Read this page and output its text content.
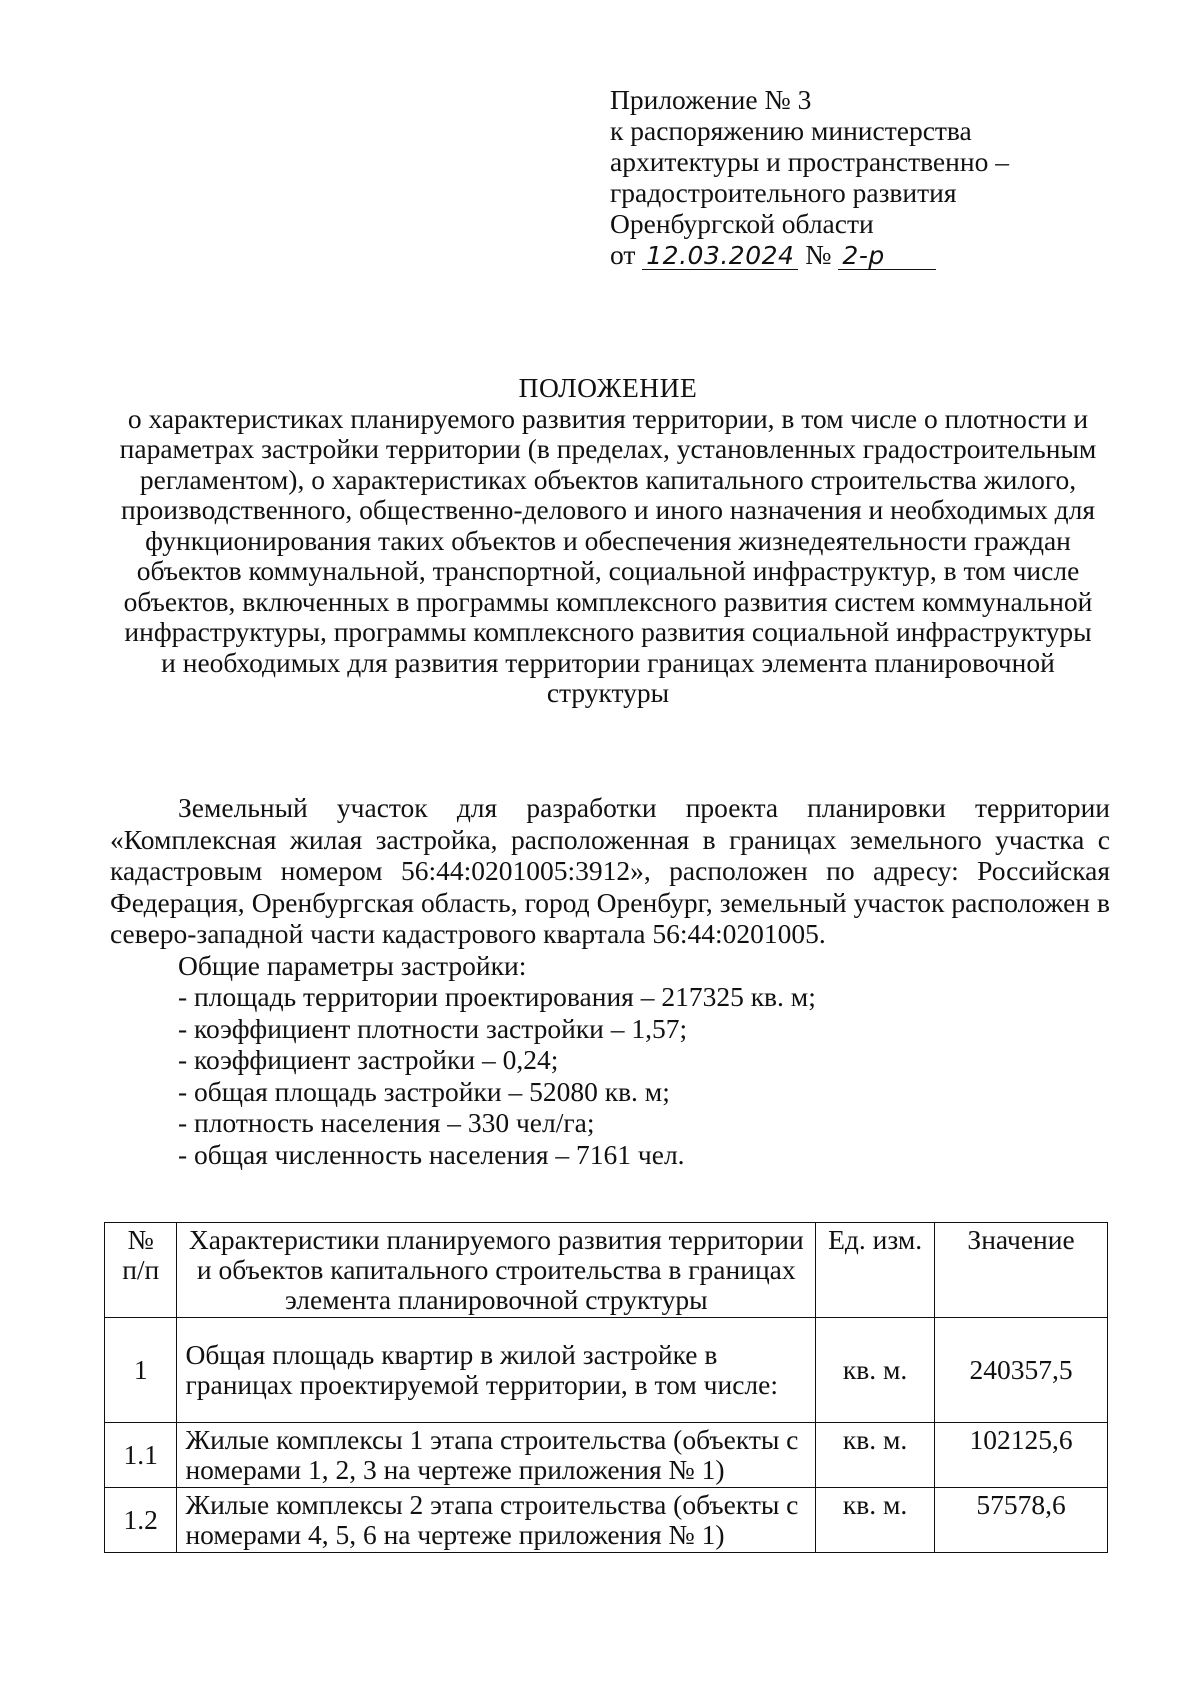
Приложение № 3
к распоряжению министерства
архитектуры и пространственно –
градостроительного развития
Оренбургской области
от 12.03.2024 № 2-р
ПОЛОЖЕНИЕ
о характеристиках планируемого развития территории, в том числе о плотности и
параметрах застройки территории (в пределах, установленных градостроительным
регламентом), о характеристиках объектов капитального строительства жилого,
производственного, общественно-делового и иного назначения и необходимых для
функционирования таких объектов и обеспечения жизнедеятельности граждан
объектов коммунальной, транспортной, социальной инфраструктур, в том числе
объектов, включенных в программы комплексного развития систем коммунальной
инфраструктуры, программы комплексного развития социальной инфраструктуры
и необходимых для развития территории границах элемента планировочной
структуры

Земельный участок для разработки проекта планировки территории «Комплексная жилая застройка, расположенная в границах земельного участка с кадастровым номером 56:44:0201005:3912», расположен по адресу: Российская Федерация, Оренбургская область, город Оренбург, земельный участок расположен в северо-западной части кадастрового квартала 56:44:0201005.

Общие параметры застройки:

- площадь территории проектирования – 217325 кв. м;
- коэффициент плотности застройки – 1,57;
- коэффициент застройки – 0,24;
- общая площадь застройки – 52080 кв. м;
- плотность населения – 330 чел/га;
- общая численность населения – 7161 чел.
№ п/п	Характеристики планируемого развития территории и объектов капитального строительства в границах элемента планировочной структуры	Ед. изм.	Значение
1	Общая площадь квартир в жилой застройке в границах проектируемой территории, в том числе:	кв. м.	240357,5
1.1	Жилые комплексы 1 этапа строительства (объекты с номерами 1, 2, 3 на чертеже приложения № 1)	кв. м.	102125,6
1.2	Жилые комплексы 2 этапа строительства (объекты с номерами 4, 5, 6 на чертеже приложения № 1)	кв. м.	57578,6
